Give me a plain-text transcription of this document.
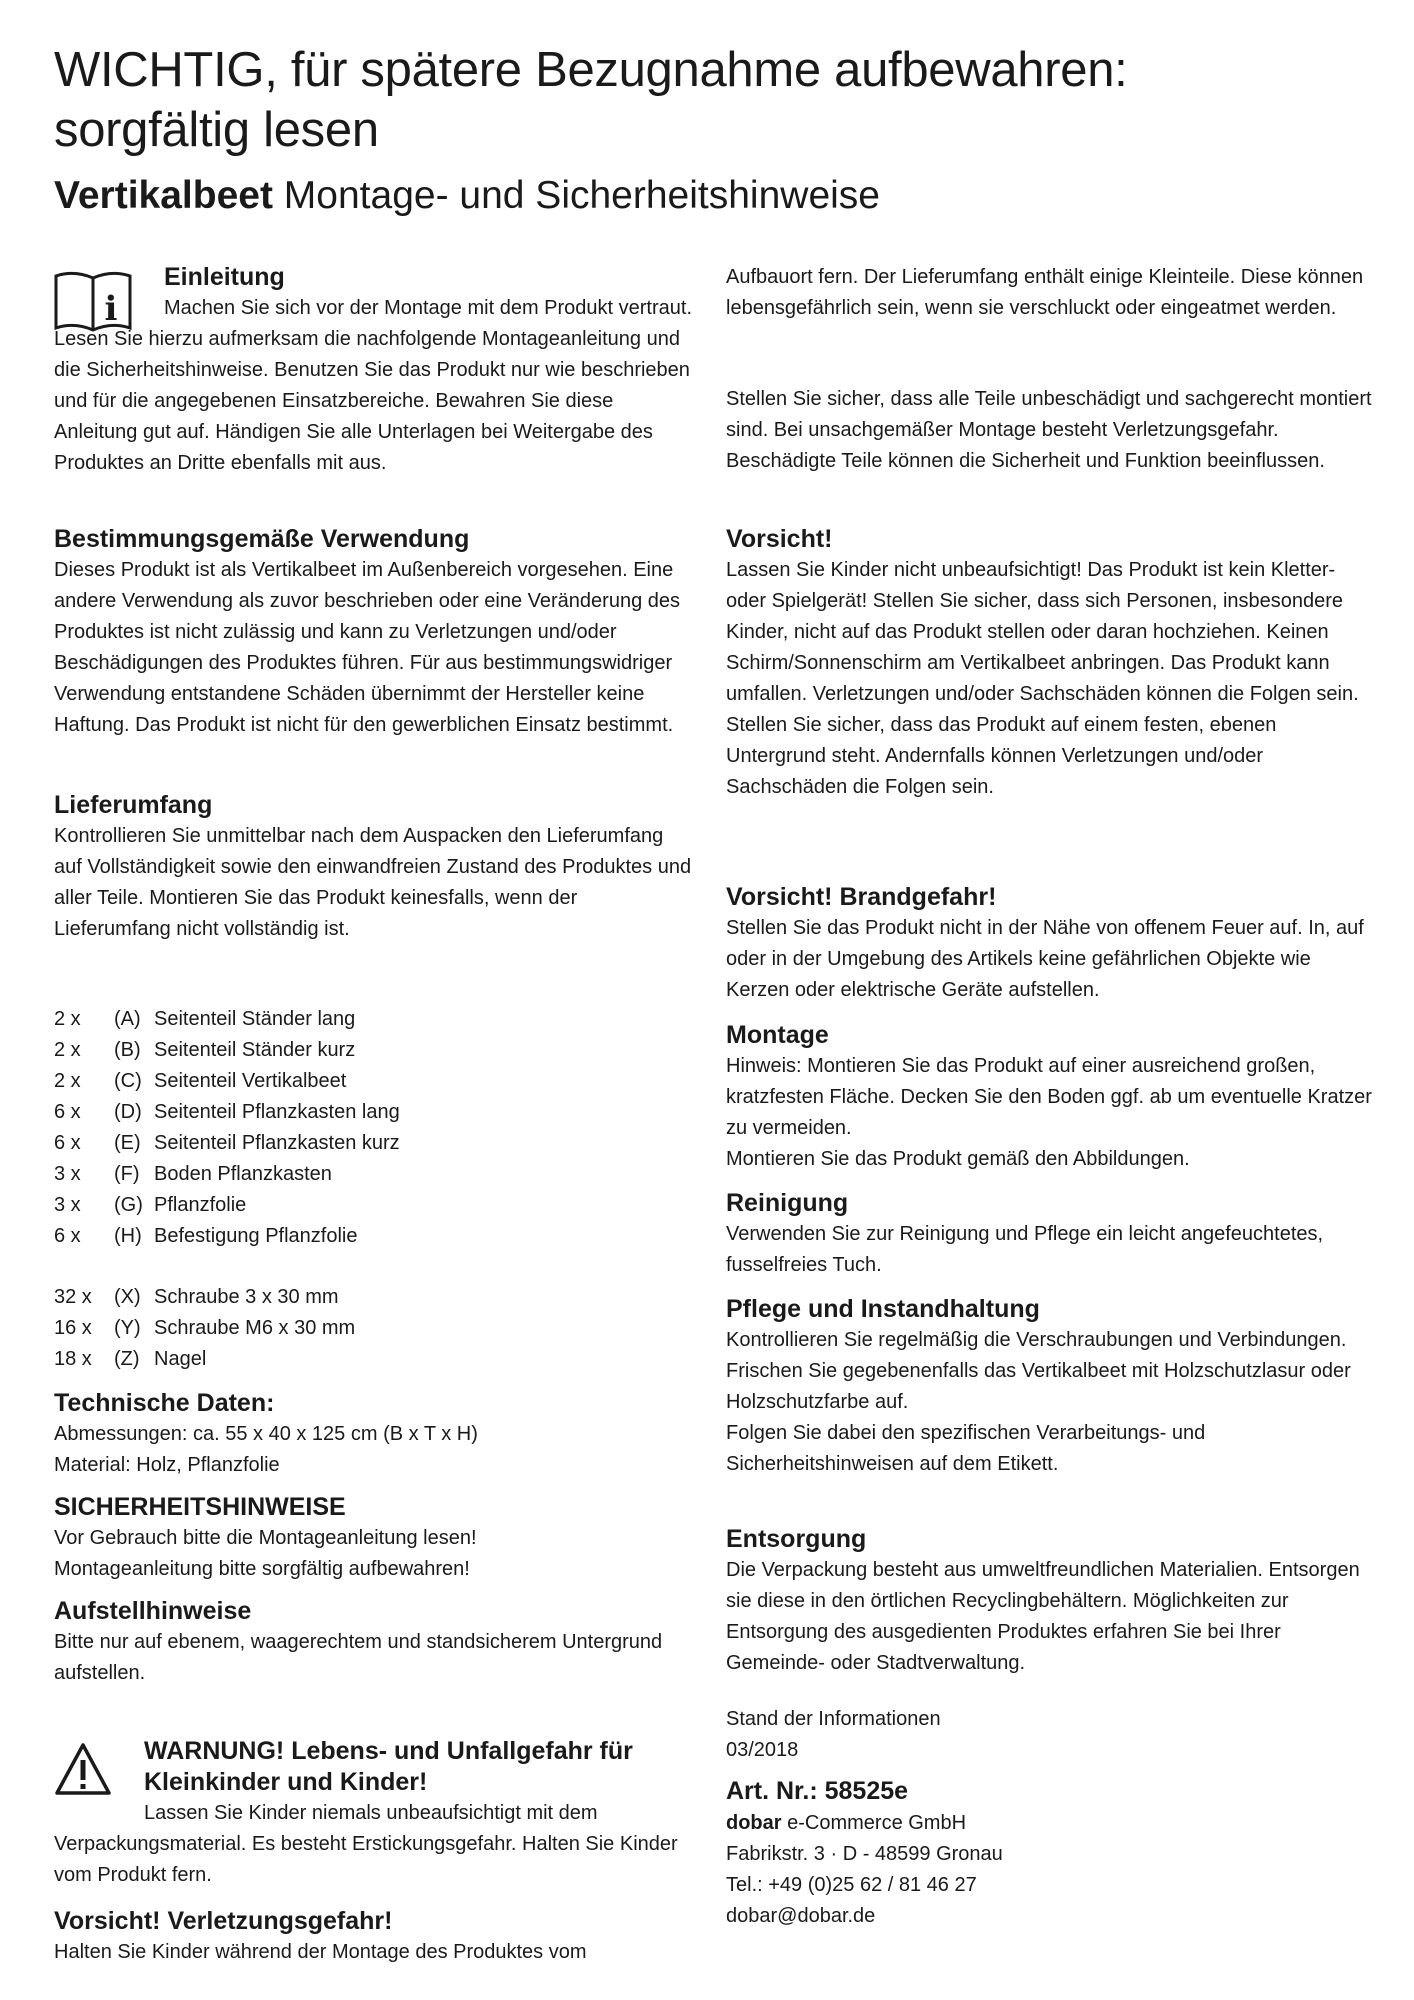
WICHTIG, für spätere Bezugnahme aufbewahren:
sorgfältig lesen
Vertikalbeet Montage- und Sicherheitshinweise
i
Einleitung

Machen Sie sich vor der Montage mit dem Produkt vertraut. Lesen Sie hierzu aufmerksam die nachfolgende Montageanleitung und die Sicherheitshinweise. Benutzen Sie das Produkt nur wie beschrieben und für die angegebenen Einsatzbereiche. Bewahren Sie diese Anleitung gut auf. Händigen Sie alle Unterlagen bei Weitergabe des Produktes an Dritte ebenfalls mit aus.

Bestimmungsgemäße Verwendung

Dieses Produkt ist als Vertikalbeet im Außenbereich vorgesehen. Eine andere Verwendung als zuvor beschrieben oder eine Veränderung des Produktes ist nicht zulässig und kann zu Verletzungen und/oder Beschädigungen des Produktes führen. Für aus bestimmungswidriger Verwendung entstandene Schäden übernimmt der Hersteller keine Haftung. Das Produkt ist nicht für den gewerblichen Einsatz bestimmt.

Lieferumfang

Kontrollieren Sie unmittelbar nach dem Auspacken den Lieferumfang auf Vollständigkeit sowie den einwandfreien Zustand des Produktes und aller Teile. Montieren Sie das Produkt keinesfalls, wenn der Lieferumfang nicht vollständig ist.

2 x	(A)	Seitenteil Ständer lang
2 x	(B)	Seitenteil Ständer kurz
2 x	(C)	Seitenteil Vertikalbeet
6 x	(D)	Seitenteil Pflanzkasten lang
6 x	(E)	Seitenteil Pflanzkasten kurz
3 x	(F)	Boden Pflanzkasten
3 x	(G)	Pflanzfolie
6 x	(H)	Befestigung Pflanzfolie
32 x	(X)	Schraube 3 x 30 mm
16 x	(Y)	Schraube M6 x 30 mm
18 x	(Z)	Nagel
Technische Daten:

Abmessungen: ca. 55 x 40 x 125 cm (B x T x H)

Material: Holz, Pflanzfolie

SICHERHEITSHINWEISE

Vor Gebrauch bitte die Montageanleitung lesen!

Montageanleitung bitte sorgfältig aufbewahren!

Aufstellhinweise

Bitte nur auf ebenem, waagerechtem und standsicherem Untergrund aufstellen.

WARNUNG! Lebens- und Unfallgefahr für
Kleinkinder und Kinder!

Lassen Sie Kinder niemals unbeaufsichtigt mit dem Verpackungsmaterial. Es besteht Erstickungsgefahr. Halten Sie Kinder vom Produkt fern.

Vorsicht! Verletzungsgefahr!

Halten Sie Kinder während der Montage des Produktes vom

Aufbauort fern. Der Lieferumfang enthält einige Kleinteile. Diese können lebensgefährlich sein, wenn sie verschluckt oder eingeatmet werden.

Stellen Sie sicher, dass alle Teile unbeschädigt und sachgerecht montiert sind. Bei unsachgemäßer Montage besteht Verletzungsgefahr. Beschädigte Teile können die Sicherheit und Funktion beeinflussen.

Vorsicht!

Lassen Sie Kinder nicht unbeaufsichtigt! Das Produkt ist kein Kletter- oder Spielgerät! Stellen Sie sicher, dass sich Personen, insbesondere Kinder, nicht auf das Produkt stellen oder daran hochziehen. Keinen Schirm/Sonnenschirm am Vertikalbeet anbringen. Das Produkt kann umfallen. Verletzungen und/oder Sachschäden können die Folgen sein.

Stellen Sie sicher, dass das Produkt auf einem festen, ebenen Untergrund steht. Andernfalls können Verletzungen und/oder Sachschäden die Folgen sein.

Vorsicht! Brandgefahr!

Stellen Sie das Produkt nicht in der Nähe von offenem Feuer auf. In, auf oder in der Umgebung des Artikels keine gefährlichen Objekte wie Kerzen oder elektrische Geräte aufstellen.

Montage

Hinweis: Montieren Sie das Produkt auf einer ausreichend großen, kratzfesten Fläche. Decken Sie den Boden ggf. ab um eventuelle Kratzer zu vermeiden.

Montieren Sie das Produkt gemäß den Abbildungen.

Reinigung

Verwenden Sie zur Reinigung und Pflege ein leicht angefeuchtetes, fusselfreies Tuch.

Pflege und Instandhaltung

Kontrollieren Sie regelmäßig die Verschraubungen und Verbindungen.

Frischen Sie gegebenenfalls das Vertikalbeet mit Holzschutzlasur oder Holzschutzfarbe auf.

Folgen Sie dabei den spezifischen Verarbeitungs- und Sicherheitshinweisen auf dem Etikett.

Entsorgung

Die Verpackung besteht aus umweltfreundlichen Materialien. Entsorgen sie diese in den örtlichen Recyclingbehältern. Möglichkeiten zur Entsorgung des ausgedienten Produktes erfahren Sie bei Ihrer Gemeinde- oder Stadtverwaltung.

Stand der Informationen

03/2018

Art. Nr.: 58525e

dobar e-Commerce GmbH

Fabrikstr. 3 · D - 48599 Gronau

Tel.: +49 (0)25 62 / 81 46 27

dobar@dobar.de
